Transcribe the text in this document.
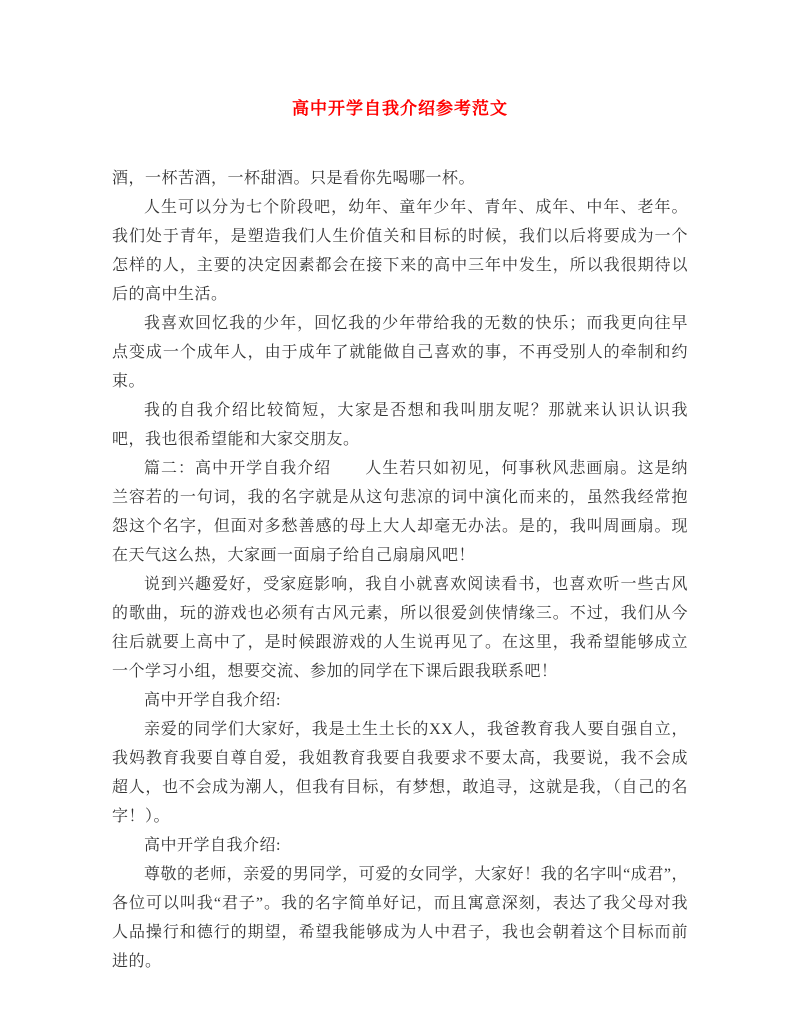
高中开学自我介绍参考范文

酒，一杯苦酒，一杯甜酒。只是看你先喝哪一杯。

人生可以分为七个阶段吧，幼年、童年少年、青年、成年、中年、老年。我们处于青年，是塑造我们人生价值关和目标的时候，我们以后将要成为一个怎样的人，主要的决定因素都会在接下来的高中三年中发生，所以我很期待以后的高中生活。

我喜欢回忆我的少年，回忆我的少年带给我的无数的快乐；而我更向往早点变成一个成年人，由于成年了就能做自己喜欢的事，不再受别人的牵制和约束。

我的自我介绍比较简短，大家是否想和我叫朋友呢？那就来认识认识我吧，我也很希望能和大家交朋友。

篇二：高中开学自我介绍　　人生若只如初见，何事秋风悲画扇。这是纳兰容若的一句词，我的名字就是从这句悲凉的词中演化而来的，虽然我经常抱怨这个名字，但面对多愁善感的母上大人却毫无办法。是的，我叫周画扇。现在天气这么热，大家画一面扇子给自己扇扇风吧！

说到兴趣爱好，受家庭影响，我自小就喜欢阅读看书，也喜欢听一些古风的歌曲，玩的游戏也必须有古风元素，所以很爱剑侠情缘三。不过，我们从今往后就要上高中了，是时候跟游戏的人生说再见了。在这里，我希望能够成立一个学习小组，想要交流、参加的同学在下课后跟我联系吧！

高中开学自我介绍:

亲爱的同学们大家好，我是土生土长的XX人，我爸教育我人要自强自立，我妈教育我要自尊自爱，我姐教育我要自我要求不要太高，我要说，我不会成超人，也不会成为潮人，但我有目标，有梦想，敢追寻，这就是我，（自己的名字！）。

高中开学自我介绍:

尊敬的老师，亲爱的男同学，可爱的女同学，大家好！我的名字叫“成君”，各位可以叫我“君子”。我的名字简单好记，而且寓意深刻，表达了我父母对我人品操行和德行的期望，希望我能够成为人中君子，我也会朝着这个目标而前进的。
